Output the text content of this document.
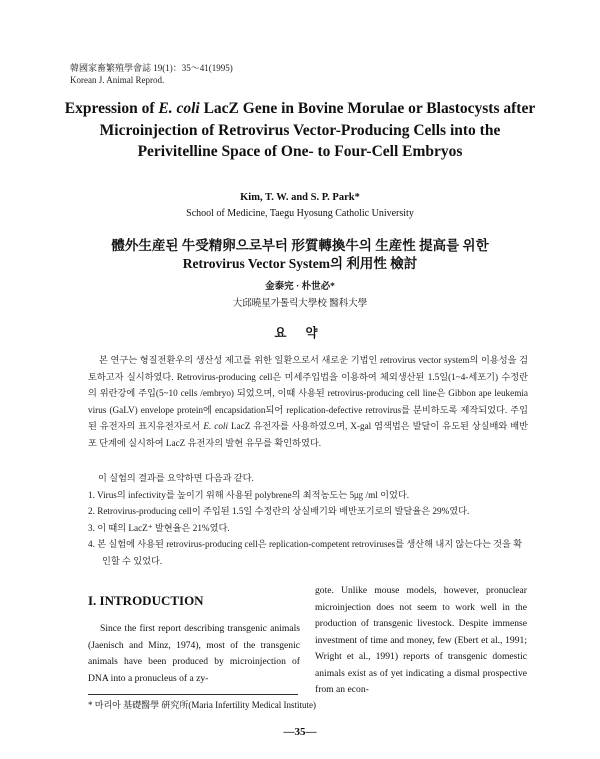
韓國家畜繁殖學會誌 19(1)：35～41(1995)
Korean J. Animal Reprod.
Expression of E. coli LacZ Gene in Bovine Morulae or Blastocysts after Microinjection of Retrovirus Vector-Producing Cells into the Perivitelline Space of One- to Four-Cell Embryos
Kim, T. W. and S. P. Park*
School of Medicine, Taegu Hyosung Catholic University
體外生産된 牛受精卵으로부터 形質轉換牛의 生産性 提高를 위한
Retrovirus Vector System의 利用性 檢討
金泰完 · 朴世必*
大邱曉星가톨릭大學校 醫科大學
요 약

본 연구는 형질전환우의 생산성 제고를 위한 일환으로서 새로운 기법인 retrovirus vector system의 이용성을 검토하고자 실시하였다. Retrovirus-producing cell은 미세주입법을 이용하여 체외생산된 1.5일(1~4-세포기) 수정란의 위란강에 주입(5~10 cells /embryo) 되었으며, 이때 사용된 retrovirus-producing cell line은 Gibbon ape leukemia virus (GaLV) envelope protein에 encapsidation되어 replication-defective retrovirus를 분비하도록 제작되었다. 주입된 유전자의 표지유전자로서 E. coli LacZ 유전자를 사용하였으며, X-gal 염색법은 발달이 유도된 상실배와 배반포 단계에 실시하여 LacZ 유전자의 발현 유무를 확인하였다.

이 실험의 결과를 요약하면 다음과 같다.

1. Virus의 infectivity를 높이기 위해 사용된 polybrene의 최적농도는 5㎍ /ml 이었다.
2. Retrovirus-producing cell이 주입된 1.5일 수정란의 상실배기와 배반포기로의 발달율은 29%였다.
3. 이 때의 LacZ⁺ 발현율은 21%였다.
4. 본 실험에 사용된 retrovirus-producing cell은 replication-competent retroviruses를 생산해 내지 않는다는 것을 확인할 수 있었다.
I. INTRODUCTION

Since the first report describing transgenic animals (Jaenisch and Minz, 1974), most of the transgenic animals have been produced by microinjection of DNA into a pronucleus of a zy-

gote. Unlike mouse models, however, pronuclear microinjection does not seem to work well in the production of transgenic livestock. Despite immense investment of time and money, few (Ebert et al., 1991; Wright et al., 1991) reports of transgenic domestic animals exist as of yet indicating a dismal prospective from an econ-

* 마리아 基礎醫學 硏究所(Maria Infertility Medical Institute)
—35—
